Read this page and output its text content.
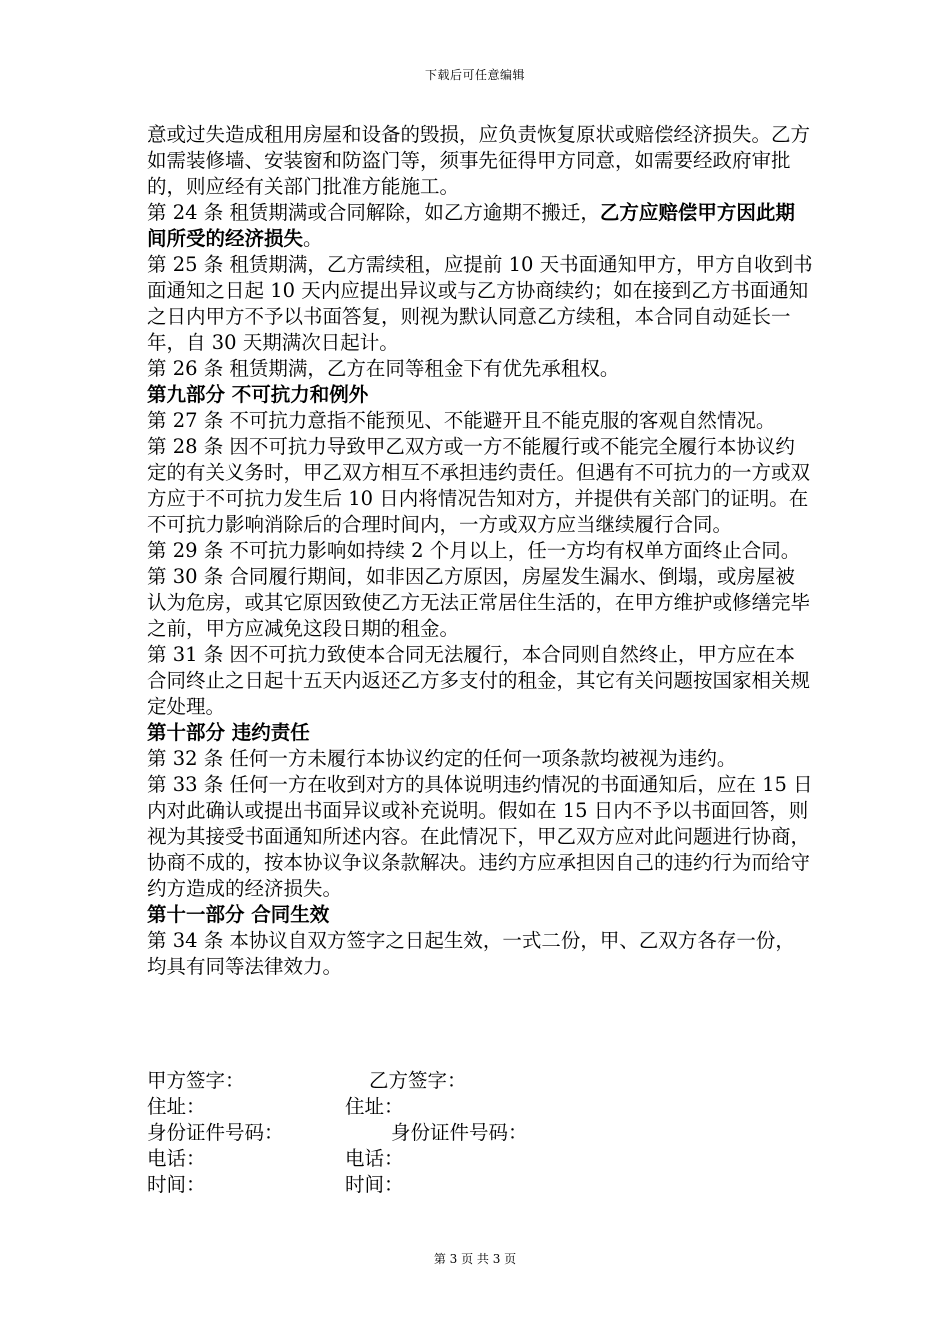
下载后可任意编辑

意或过失造成租用房屋和设备的毁损，应负责恢复原状或赔偿经济损失。乙方如需装修墙、安装窗和防盗门等，须事先征得甲方同意，如需要经政府审批的，则应经有关部门批准方能施工。

第 24 条 租赁期满或合同解除，如乙方逾期不搬迁，乙方应赔偿甲方因此期间所受的经济损失。

第 25 条 租赁期满，乙方需续租，应提前 10 天书面通知甲方，甲方自收到书面通知之日起 10 天内应提出异议或与乙方协商续约；如在接到乙方书面通知之日内甲方不予以书面答复，则视为默认同意乙方续租，本合同自动延长一年，自 30 天期满次日起计。

第 26 条 租赁期满，乙方在同等租金下有优先承租权。

第九部分 不可抗力和例外

第 27 条 不可抗力意指不能预见、不能避开且不能克服的客观自然情况。

第 28 条 因不可抗力导致甲乙双方或一方不能履行或不能完全履行本协议约定的有关义务时，甲乙双方相互不承担违约责任。但遇有不可抗力的一方或双方应于不可抗力发生后 10 日内将情况告知对方，并提供有关部门的证明。在不可抗力影响消除后的合理时间内，一方或双方应当继续履行合同。

第 29 条 不可抗力影响如持续 2 个月以上，任一方均有权单方面终止合同。

第 30 条 合同履行期间，如非因乙方原因，房屋发生漏水、倒塌，或房屋被认为危房，或其它原因致使乙方无法正常居住生活的，在甲方维护或修缮完毕之前，甲方应减免这段日期的租金。

第 31 条 因不可抗力致使本合同无法履行，本合同则自然终止，甲方应在本合同终止之日起十五天内返还乙方多支付的租金，其它有关问题按国家相关规定处理。

第十部分 违约责任

第 32 条 任何一方未履行本协议约定的任何一项条款均被视为违约。

第 33 条 任何一方在收到对方的具体说明违约情况的书面通知后，应在 15 日内对此确认或提出书面异议或补充说明。假如在 15 日内不予以书面回答，则视为其接受书面通知所述内容。在此情况下，甲乙双方应对此问题进行协商，协商不成的，按本协议争议条款解决。违约方应承担因自己的违约行为而给守约方造成的经济损失。

第十一部分 合同生效

第 34 条 本协议自双方签字之日起生效，一式二份，甲、乙双方各存一份，均具有同等法律效力。

甲方签字：	乙方签字：
住址：	住址：
身份证件号码：	身份证件号码：
电话：	电话：
时间：	时间：
第 3 页 共 3 页
